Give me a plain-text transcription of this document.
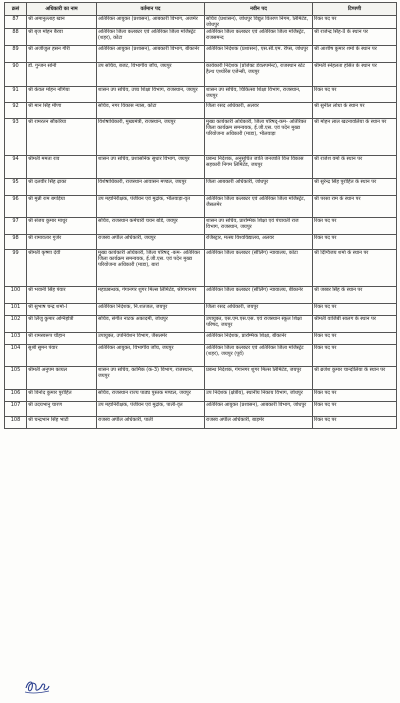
क्रसं	अधिकारी का नाम	वर्तमान पद	नवीन पद	टिप्पणी
87	श्री अमानुल्लाह खान	अतिरिक्त आयुक्त (प्रशासन), आबकारी विभाग, अजमेर	सचिव (प्रशासन), जोधपुर विद्युत वितरण निगम, लिमिटेड, जोधपुर	रिक्त पद पर
88	श्री बृज मोहन बैरवा	अतिरिक्त जिला कलक्टर एवं अतिरिक्त जिला मजिस्ट्रेट (शहर), कोटा	अतिरिक्त जिला कलक्टर एवं अतिरिक्त जिला मजिस्ट्रेट, राजसमन्द	श्री राजेन्द्र सिंह-II के स्थान पर
89	श्री अजीजुल हसन गौरी	अतिरिक्त आयुक्त (प्रशासन), आबकारी विभाग, बीकानेर	अतिरिक्त निदेशक (प्रशासन), एस.सी.एम. रीप्स, जोधपुर	श्री आशीष कुमार शर्मा के स्थान पर
90	डॉ. गुन्जन सोनी	उप सचिव, बजट, विभागीय जाँच, जयपुर	कार्यकारी निदेशक (प्रोजेक्ट डेवलपमेन्ट), राजस्थान स्टेट हैल्थ एश्योरेंस एजेन्सी, जयपुर	श्रीमती स्नेहलता हसित के स्थान पर
91	श्री केवल मोहन नोगिया	शासन उप सचिव, उच्च शिक्षा विभाग, राजस्थान, जयपुर	शासन उप सचिव, चिकित्सा शिक्षा विभाग, राजस्थान, जयपुर	रिक्त पद पर
92	श्री मान सिंह मीणा	सचिव, नगर विकास न्यास, कोटा	जिला रसद अधिकारी, अलवर	श्री सुनील लोधा के स्थान पर
93	श्री रामरतन सौंकरिया	विशेषाधिकारी, मुख्यमंत्री, राजस्थान, जयपुर	मुख्य कार्यकारी अधिकारी, जिला परिषद्-कम- अतिरिक्त जिला कार्यक्रम समन्वयक, ई.जी.एस. एवं पदेन मुख्य परियोजना अधिकारी (माडा), भीलवाड़ा	श्री मोहन लाल खटनावलिया के स्थान पर
94	श्रीमती ममता राव	शासन उप सचिव, प्रशासनिक सुधार विभाग, जयपुर	प्रबन्ध निदेशक, अनुसूचित जाति जनजाति वित्त विकास सहकारी निगम लिमिटेड, जयपुर	श्री राजेश वर्मा के स्थान पर
95	श्री दलवीर सिंह ढ़ाका	विशेषाधिकारी, राजस्थान आवासन मण्डल, जयपुर	जिला आबकारी अधिकारी, जोधपुर	श्री सुरेन्द्र सिंह पुरोहित के स्थान पर
96	श्री मुन्नी राम बगड़िया	उप महानिरीक्षक, पंजीयन एवं मुद्रांक, भीलवाड़ा-वृत	अतिरिक्त जिला कलक्टर एवं अतिरिक्त जिला मजिस्ट्रेट, जैसलमेर	श्री परसा राम के स्थान पर
97	श्री संजय कुमार माथुर	सचिव, राजस्थान कर्मचारी चयन बोर्ड, जयपुर	शासन उप सचिव, प्रारम्भिक शिक्षा एवं पंचायती राज विभाग, राजस्थान, जयपुर	रिक्त पद पर
98	श्री रामावतार गुर्जर	राजस्व अपील अधिकारी, जयपुर	रजिस्ट्रार, मत्स्य विश्वविद्यालय, अलवर	रिक्त पद पर
99	श्रीमती कृष्णा देवी	मुख्य कार्यकारी अधिकारी, जिला परिषद् -कम- अतिरिक्त जिला कार्यक्रम समन्वयक, ई.जी.एस. एवं पदेन मुख्य परियोजना अधिकारी (माडा), बारां	अतिरिक्त जिला कलक्टर (सीलिंग) न्यायालय, कोटा	श्री दिग्विजय शर्मा के स्थान पर
100	श्री भवानी सिंह पंवार	महाप्रबन्धक, गंगानगर शुगर मिल्स लिमिटेड, श्रीगंगानगर	अतिरिक्त जिला कलक्टर (सीलिंग) न्यायालय, बीकानेर	श्री जब्बर सिंह के स्थान पर
101	श्री सुभाष चन्द्र शर्मा-I	अतिरिक्त निदेशक, नि.शतजल, जयपुर	जिला रसद अधिकारी, जयपुर	रिक्त पद पर
102	श्री लिंजु कुमार अग्निहोत्री	सचिव, संगीत नाटक अकादमी, जोधपुर	उपायुक्त, एस.एम.एस.एस. एवं राजस्थान स्कूल शिक्षा परिषद, जयपुर	श्रीमती वाजिबी सालग के स्थान पर
103	श्री रामस्वरूप चौहान	उपायुक्त, उपनिवेशन विभाग, जैसलमेर	अतिरिक्त निदेशक, प्रारम्भिक शिक्षा, बीकानेर	रिक्त पद पर
104	सुश्री सुमन पंवार	अतिरिक्त आयुक्त, विभागीय जाँच, जयपुर	अतिरिक्त जिला कलक्टर एवं अतिरिक्त जिला मजिस्ट्रेट (शहर), जयपुर (पूर्व)	रिक्त पद पर
105	श्रीमती अनुपम कायल	शासन उप सचिव, कार्मिक (क-3) विभाग, राजस्थान, जयपुर	प्रबन्ध निदेशक, गंगानगर शुगर मिल्स लिमिटेड, जयपुर	श्री ब्रजेश कुमार चान्दोलिया के स्थान पर
106	श्री विनोद कुमार पुरोहित	सचिव, राजस्थान राज्य पाठ्य पुस्तक मण्डल, जयपुर	उप निदेशक (क्षेत्रीय), स्थानीय निकाय विभाग, जोधपुर	रिक्त पद पर
107	श्री उदयभानु चारण	उप महानिरीक्षक, पंजीयन एवं मुद्रांक, पाली-वृत	अतिरिक्त आयुक्त (प्रशासन), आबकारी विभाग, जोधपुर	रिक्त पद पर
108	श्री चन्द्रभान सिंह भाटी	राजस्व अपील अधिकारी, पाली	राजस्व अपील अधिकारी, बाड़मेर	रिक्त पद पर
